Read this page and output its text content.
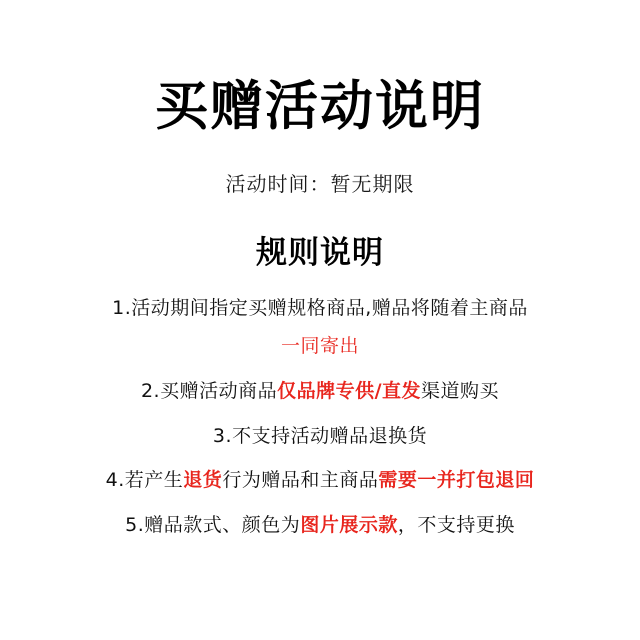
买赠活动说明
活动时间：暂无期限
规则说明
1.活动期间指定买赠规格商品,赠品将随着主商品
一同寄出
2.买赠活动商品仅品牌专供/直发渠道购买
3.不支持活动赠品退换货
4.若产生退货行为赠品和主商品需要一并打包退回
5.赠品款式、颜色为图片展示款，不支持更换
